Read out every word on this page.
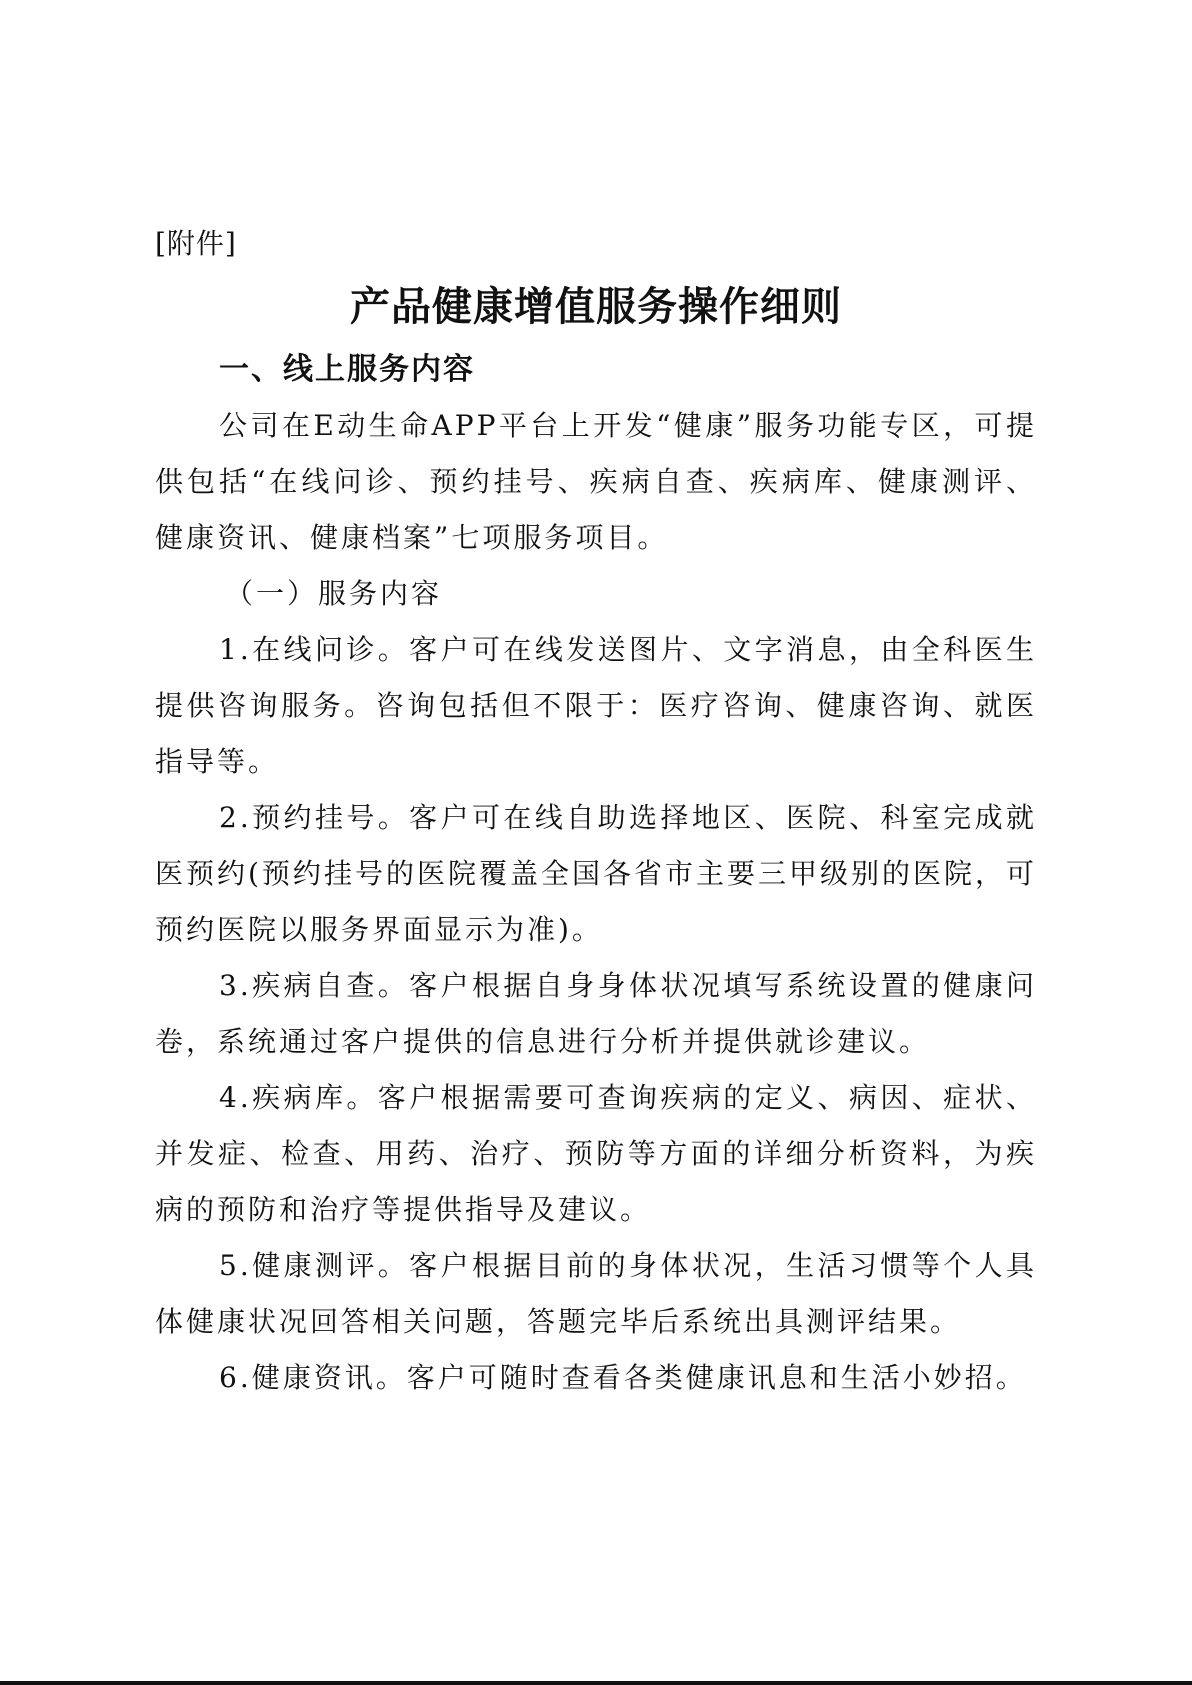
[附件]
产品健康增值服务操作细则
一、线上服务内容

公司在E动生命APP平台上开发“健康”服务功能专区，可提供包括“在线问诊、预约挂号、疾病自查、疾病库、健康测评、健康资讯、健康档案”七项服务项目。

（一）服务内容

1.在线问诊。客户可在线发送图片、文字消息，由全科医生提供咨询服务。咨询包括但不限于：医疗咨询、健康咨询、就医指导等。

2.预约挂号。客户可在线自助选择地区、医院、科室完成就医预约(预约挂号的医院覆盖全国各省市主要三甲级别的医院，可预约医院以服务界面显示为准)。

3.疾病自查。客户根据自身身体状况填写系统设置的健康问卷，系统通过客户提供的信息进行分析并提供就诊建议。

4.疾病库。客户根据需要可查询疾病的定义、病因、症状、并发症、检查、用药、治疗、预防等方面的详细分析资料，为疾病的预防和治疗等提供指导及建议。

5.健康测评。客户根据目前的身体状况，生活习惯等个人具体健康状况回答相关问题，答题完毕后系统出具测评结果。

6.健康资讯。客户可随时查看各类健康讯息和生活小妙招。
